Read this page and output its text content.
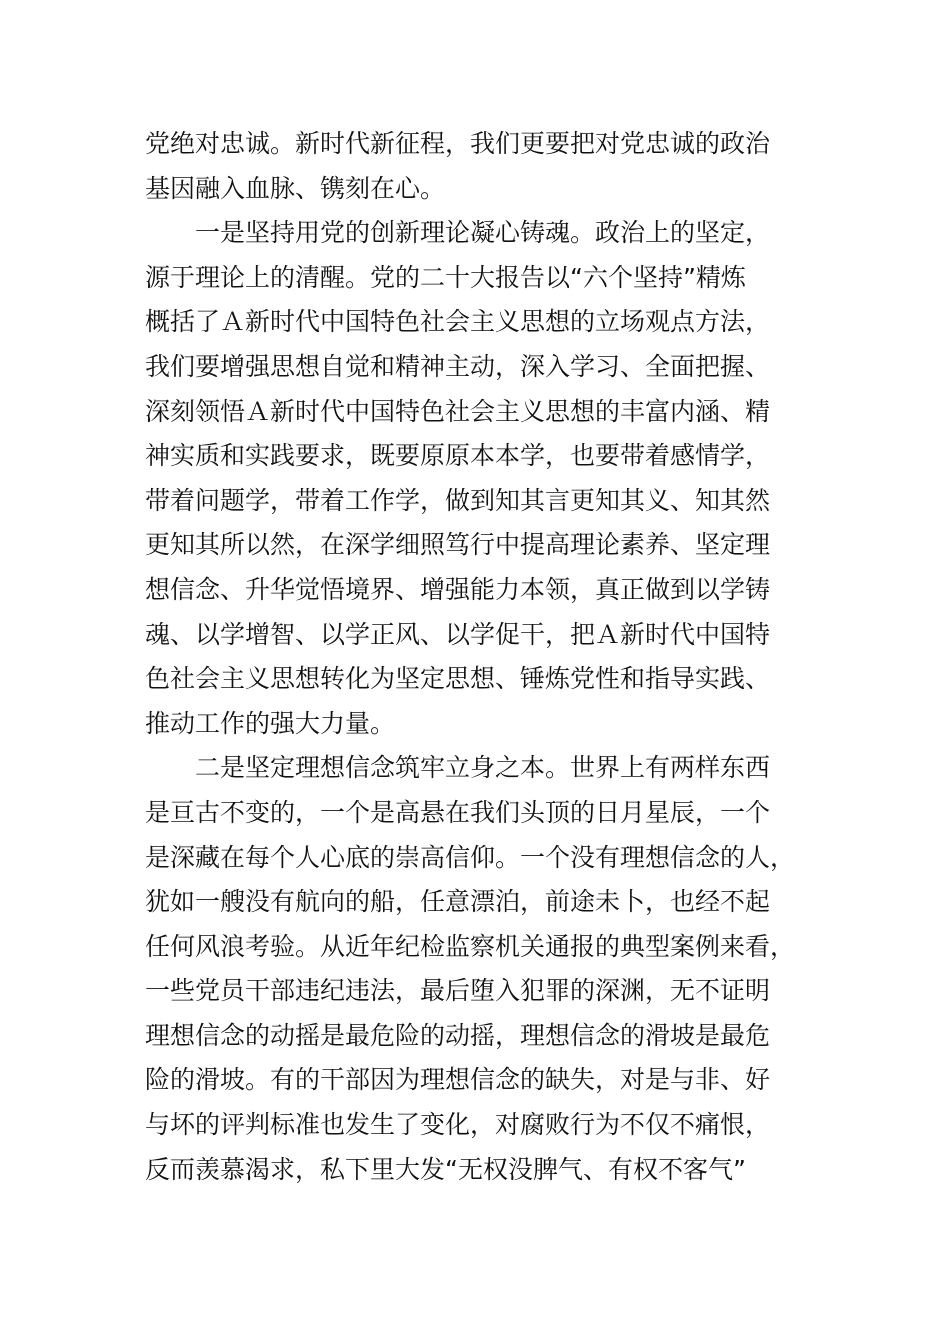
党绝对忠诚。新时代新征程，我们更要把对党忠诚的政治
基因融入血脉、镌刻在心。
一是坚持用党的创新理论凝心铸魂。政治上的坚定，
源于理论上的清醒。党的二十大报告以“六个坚持”精炼
概括了Ａ新时代中国特色社会主义思想的立场观点方法，
我们要增强思想自觉和精神主动，深入学习、全面把握、
深刻领悟Ａ新时代中国特色社会主义思想的丰富内涵、精
神实质和实践要求，既要原原本本学，也要带着感情学，
带着问题学，带着工作学，做到知其言更知其义、知其然
更知其所以然，在深学细照笃行中提高理论素养、坚定理
想信念、升华觉悟境界、增强能力本领，真正做到以学铸
魂、以学增智、以学正风、以学促干，把Ａ新时代中国特
色社会主义思想转化为坚定思想、锤炼党性和指导实践、
推动工作的强大力量。
二是坚定理想信念筑牢立身之本。世界上有两样东西
是亘古不变的，一个是高悬在我们头顶的日月星辰，一个
是深藏在每个人心底的崇高信仰。一个没有理想信念的人，
犹如一艘没有航向的船，任意漂泊，前途未卜，也经不起
任何风浪考验。从近年纪检监察机关通报的典型案例来看，
一些党员干部违纪违法，最后堕入犯罪的深渊，无不证明
理想信念的动摇是最危险的动摇，理想信念的滑坡是最危
险的滑坡。有的干部因为理想信念的缺失，对是与非、好
与坏的评判标准也发生了变化，对腐败行为不仅不痛恨，
反而羡慕渴求，私下里大发“无权没脾气、有权不客气”
